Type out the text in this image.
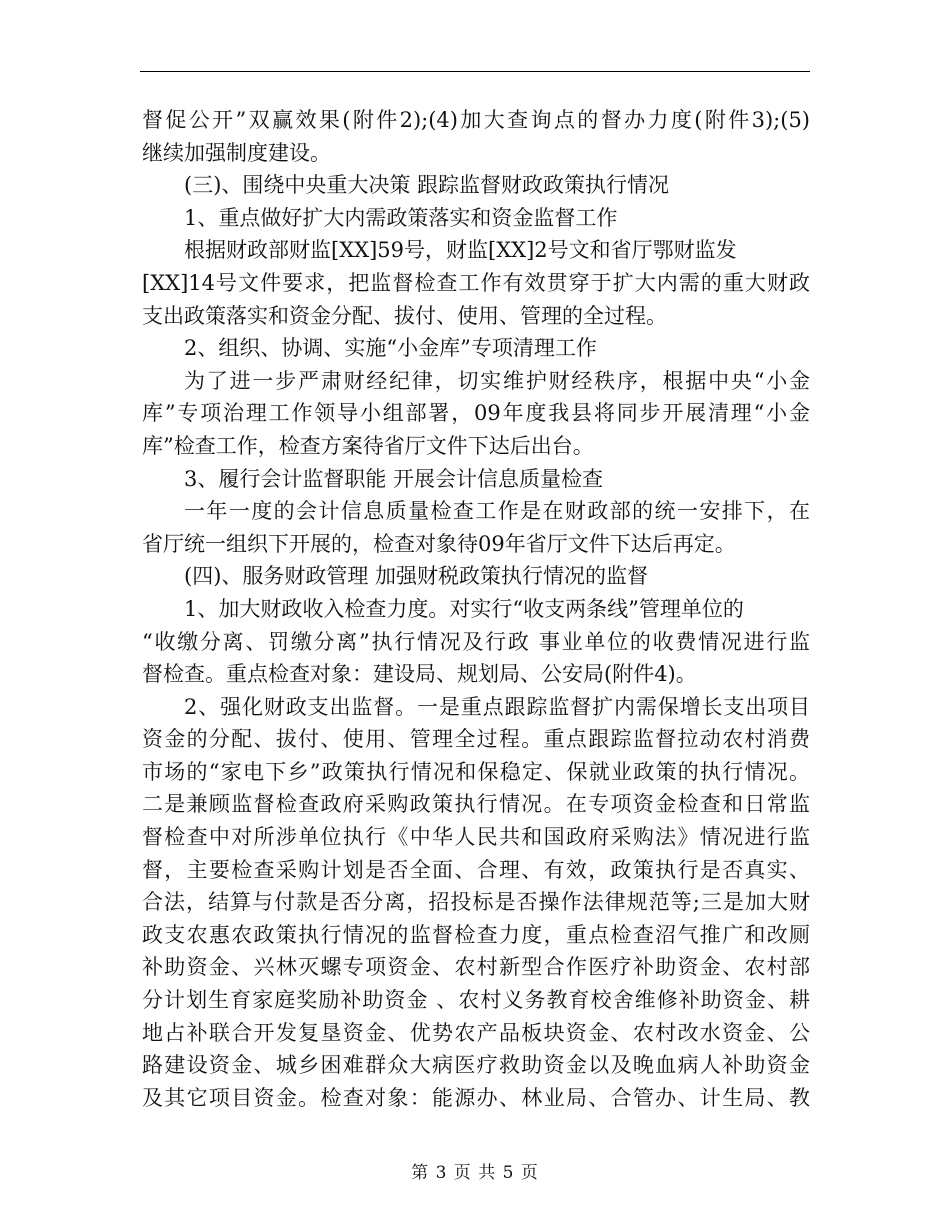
督促公开”双赢效果(附件2);(4)加大查询点的督办力度(附件3);(5)
继续加强制度建设。
(三)、围绕中央重大决策 跟踪监督财政政策执行情况
1、重点做好扩大内需政策落实和资金监督工作
根据财政部财监[XX]59号，财监[XX]2号文和省厅鄂财监发
[XX]14号文件要求，把监督检查工作有效贯穿于扩大内需的重大财政
支出政策落实和资金分配、拔付、使用、管理的全过程。
2、组织、协调、实施“小金库”专项清理工作
为了进一步严肃财经纪律，切实维护财经秩序，根据中央“小金
库”专项治理工作领导小组部署，09年度我县将同步开展清理“小金
库”检查工作，检查方案待省厅文件下达后出台。
3、履行会计监督职能 开展会计信息质量检查
一年一度的会计信息质量检查工作是在财政部的统一安排下，在
省厅统一组织下开展的，检查对象待09年省厅文件下达后再定。
(四)、服务财政管理 加强财税政策执行情况的监督
1、加大财政收入检查力度。对实行“收支两条线”管理单位的
“收缴分离、罚缴分离”执行情况及行政 事业单位的收费情况进行监
督检查。重点检查对象：建设局、规划局、公安局(附件4)。
2、强化财政支出监督。一是重点跟踪监督扩内需保增长支出项目
资金的分配、拔付、使用、管理全过程。重点跟踪监督拉动农村消费
市场的“家电下乡”政策执行情况和保稳定、保就业政策的执行情况。
二是兼顾监督检查政府采购政策执行情况。在专项资金检查和日常监
督检查中对所涉单位执行《中华人民共和国政府采购法》情况进行监
督，主要检查采购计划是否全面、合理、有效，政策执行是否真实、
合法，结算与付款是否分离，招投标是否操作法律规范等;三是加大财
政支农惠农政策执行情况的监督检查力度，重点检查沼气推广和改厕
补助资金、兴林灭螺专项资金、农村新型合作医疗补助资金、农村部
分计划生育家庭奖励补助资金 、农村义务教育校舍维修补助资金、耕
地占补联合开发复垦资金、优势农产品板块资金、农村改水资金、公
路建设资金、城乡困难群众大病医疗救助资金以及晚血病人补助资金
及其它项目资金。检查对象：能源办、林业局、合管办、计生局、教
第 3 页 共 5 页
